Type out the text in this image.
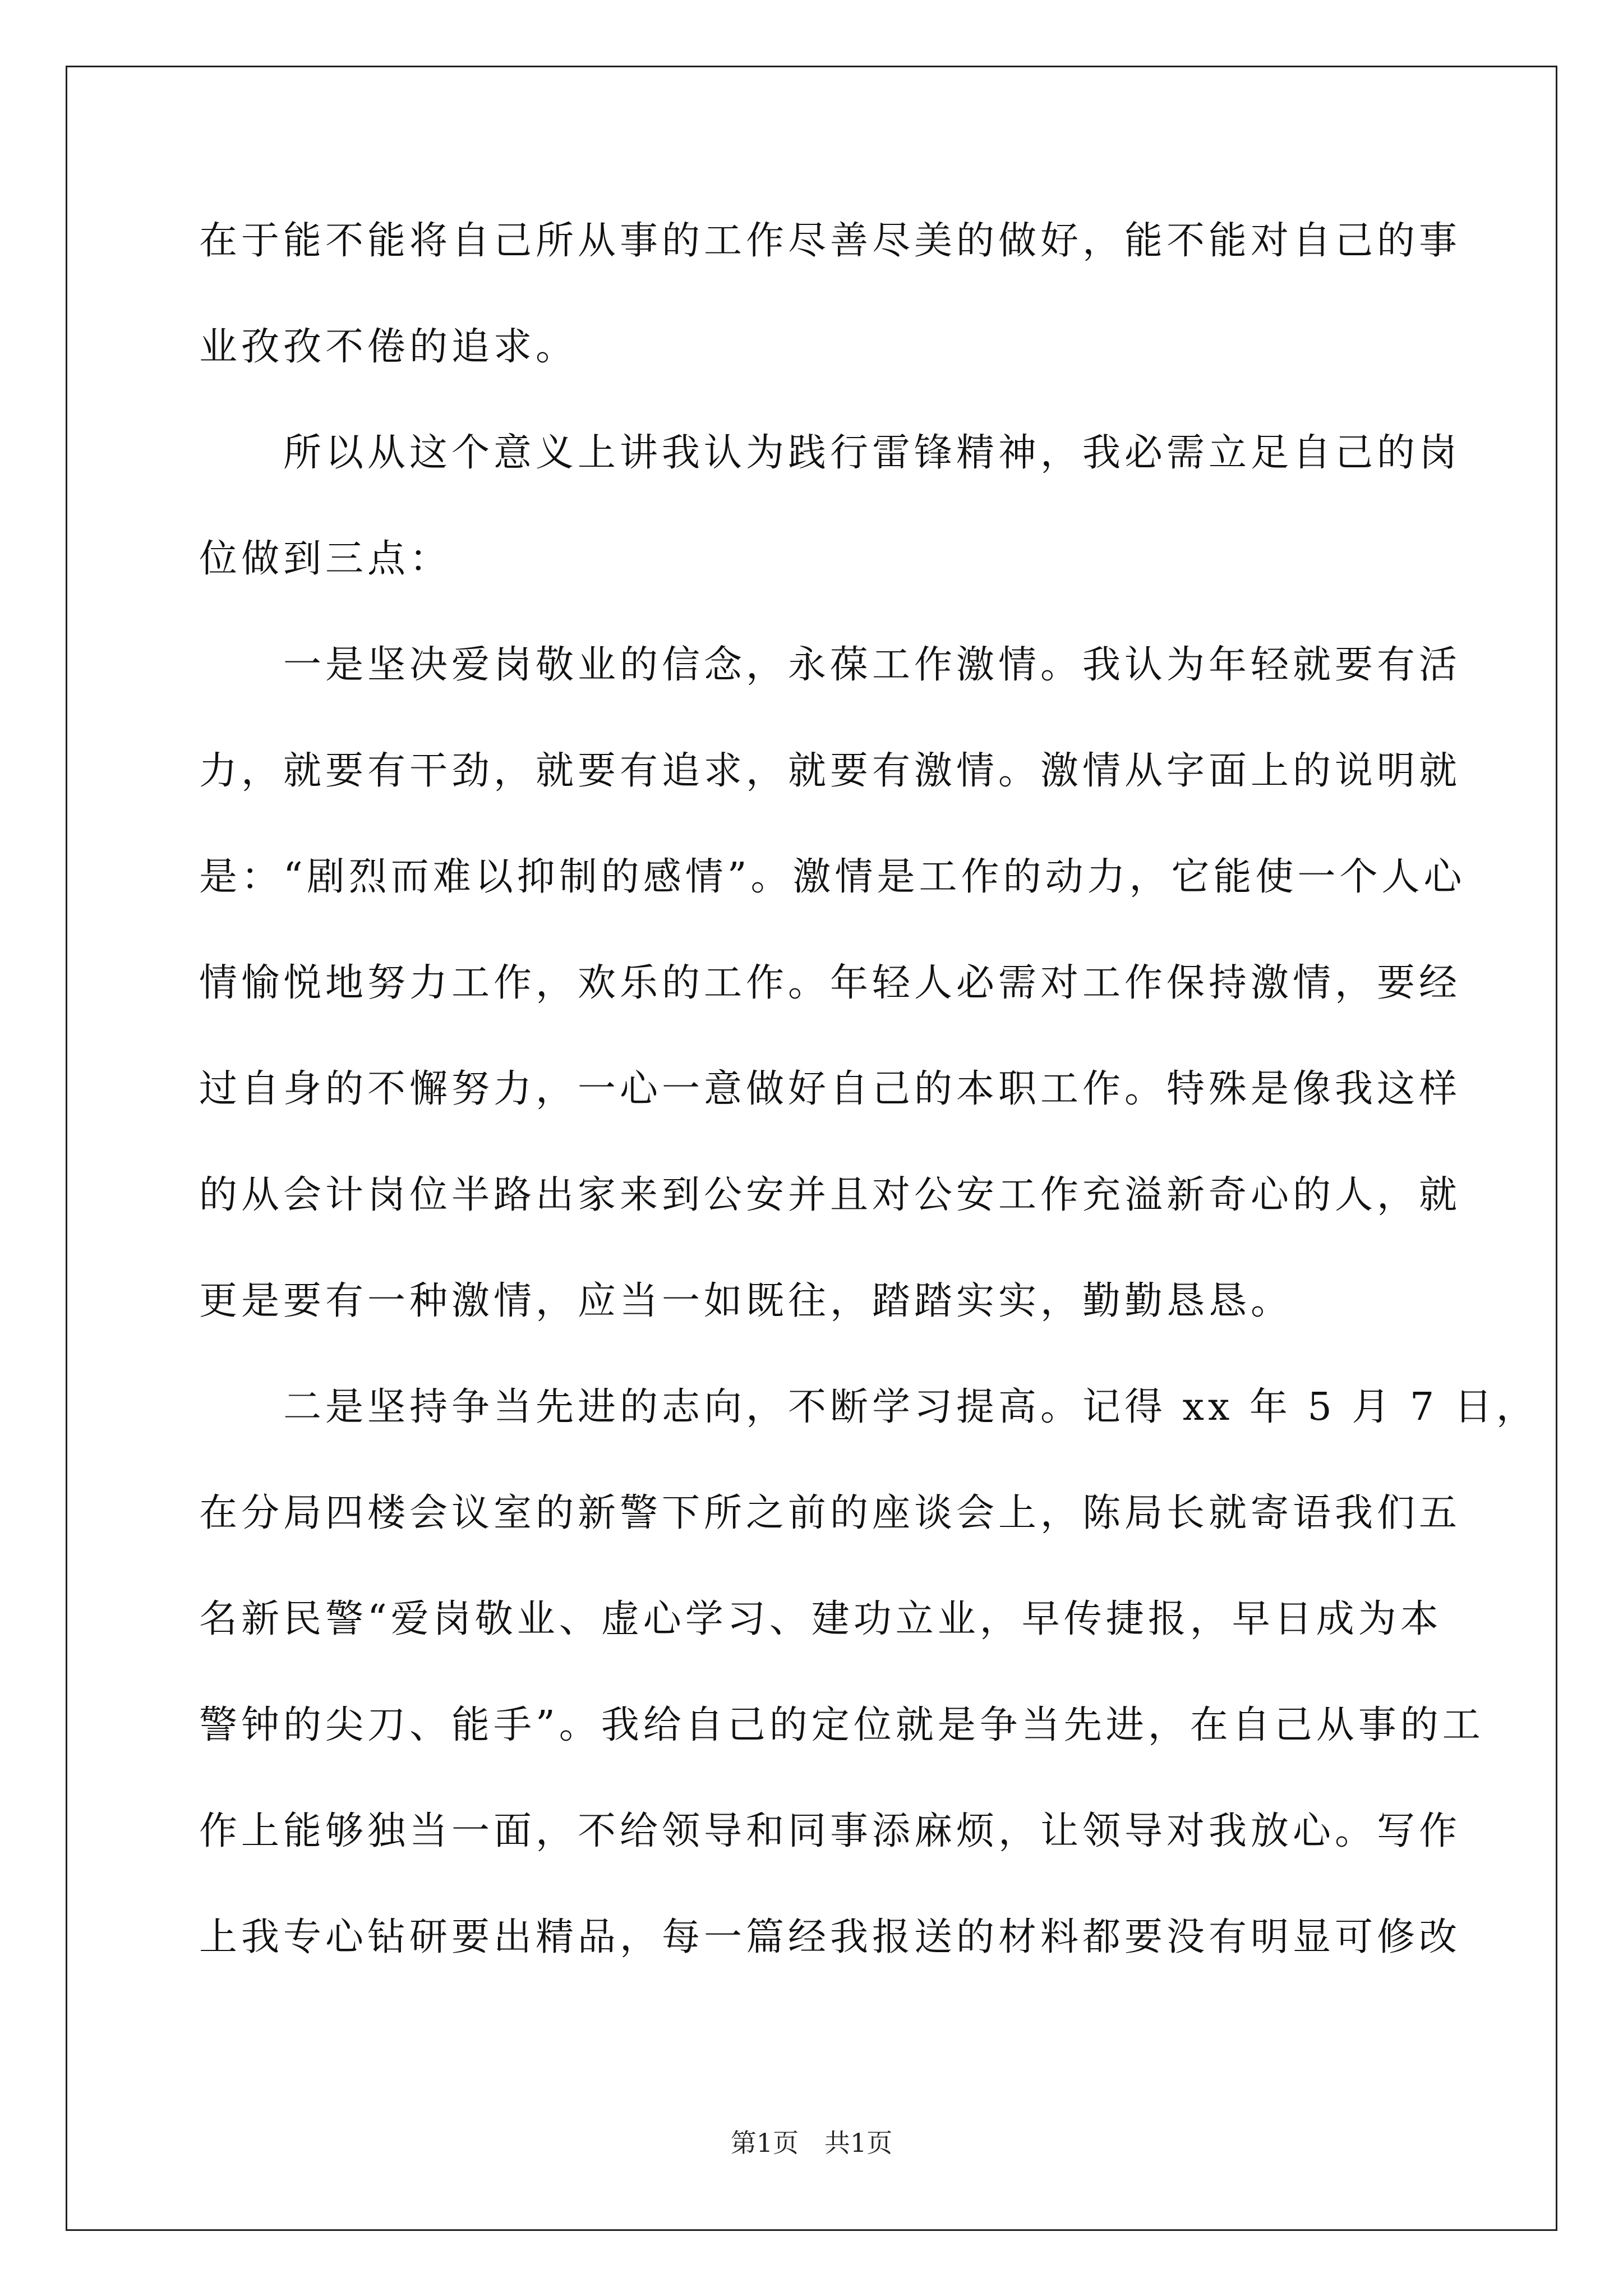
在于能不能将自己所从事的工作尽善尽美的做好，能不能对自己的事
业孜孜不倦的追求。
　　所以从这个意义上讲我认为践行雷锋精神，我必需立足自己的岗
位做到三点：
　　一是坚决爱岗敬业的信念，永葆工作激情。我认为年轻就要有活
力，就要有干劲，就要有追求，就要有激情。激情从字面上的说明就
是：“剧烈而难以抑制的感情”。激情是工作的动力，它能使一个人心
情愉悦地努力工作，欢乐的工作。年轻人必需对工作保持激情，要经
过自身的不懈努力，一心一意做好自己的本职工作。特殊是像我这样
的从会计岗位半路出家来到公安并且对公安工作充溢新奇心的人，就
更是要有一种激情，应当一如既往，踏踏实实，勤勤恳恳。
　　二是坚持争当先进的志向，不断学习提高。记得 xx 年 5 月 7 日，
在分局四楼会议室的新警下所之前的座谈会上，陈局长就寄语我们五
名新民警“爱岗敬业、虚心学习、建功立业，早传捷报，早日成为本
警钟的尖刀、能手”。我给自己的定位就是争当先进，在自己从事的工
作上能够独当一面，不给领导和同事添麻烦，让领导对我放心。写作
上我专心钻研要出精品，每一篇经我报送的材料都要没有明显可修改
第1页　共1页
